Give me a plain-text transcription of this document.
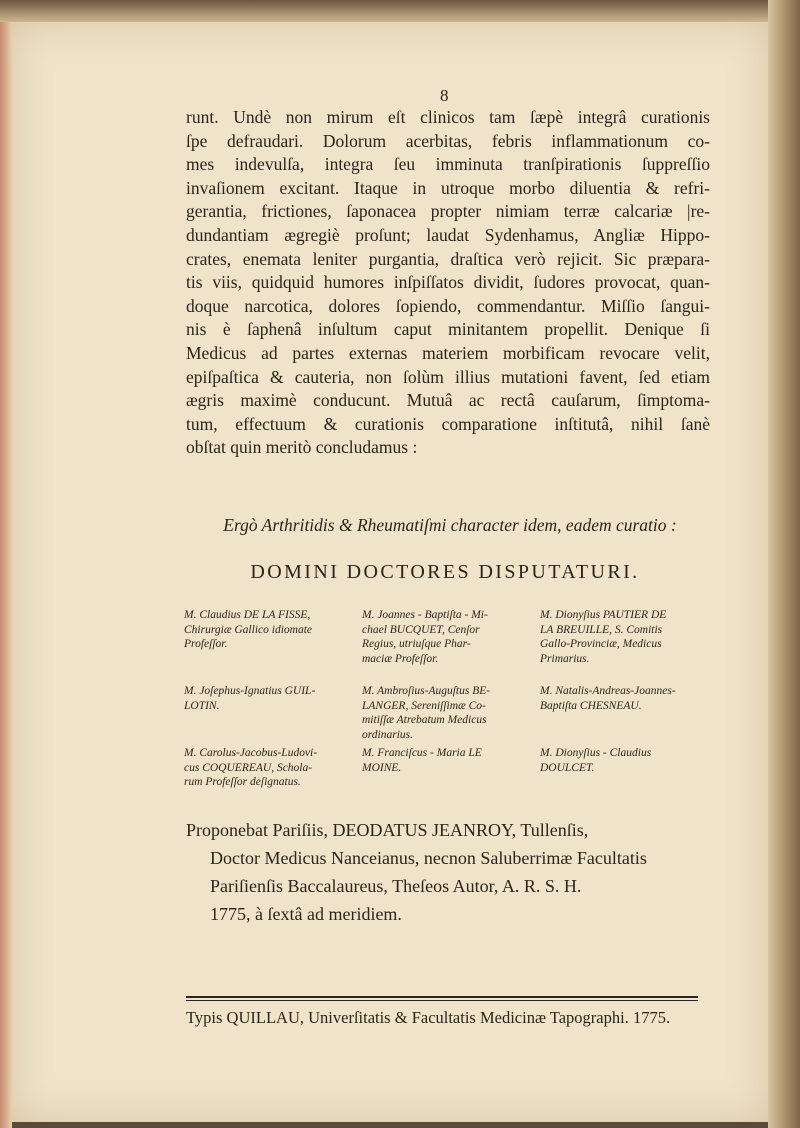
8
runt. Undè non mirum eſt clinicos tam ſæpè integrâ curationis
ſpe defraudari. Dolorum acerbitas, febris inflammationum co-
mes indevulſa, integra ſeu imminuta tranſpirationis ſuppreſſio
invaſionem excitant. Itaque in utroque morbo diluentia & refri-
gerantia, frictiones, ſaponacea propter nimiam terræ calcariæ |re-
dundantiam ægregiè proſunt; laudat Sydenhamus, Angliæ Hippo-
crates, enemata leniter purgantia, draſtica verò rejicit. Sic præpara-
tis viis, quidquid humores inſpiſſatos dividit, ſudores provocat, quan-
doque narcotica, dolores ſopiendo, commendantur. Miſſio ſangui-
nis è ſaphenâ inſultum caput minitantem propellit. Denique ſi
Medicus ad partes externas materiem morbificam revocare velit,
epiſpaſtica & cauteria, non ſolùm illius mutationi favent, ſed etiam
ægris maximè conducunt. Mutuâ ac rectâ cauſarum, ſimptoma-
tum, effectuum & curationis comparatione inſtitutâ, nihil ſanè
obſtat quin meritò concludamus :
Ergò Arthritidis & Rheumatiſmi character idem, eadem curatio :
DOMINI DOCTORES DISPUTATURI.
M. Claudius DE LA FISSE,
Chirurgiæ Gallico idiomate
Profeſſor.
M. Joannes - Baptiſta - Mi-
chael BUCQUET, Cenſor
Regius, utriuſque Phar-
maciæ Profeſſor.
M. Dionyſius PAUTIER DE
LA BREUILLE, S. Comitis
Gallo-Provinciæ, Medicus
Primarius.
M. Joſephus-Ignatius GUIL-
LOTIN.
M. Ambroſius-Auguſtus BE-
LANGER, Sereniſſimæ Co-
mitiſſæ Atrebatum Medicus
ordinarius.
M. Natalis-Andreas-Joannes-
Baptiſta CHESNEAU.
M. Carolus-Jacobus-Ludovi-
cus COQUEREAU, Schola-
rum Profeſſor deſignatus.
M. Franciſcus - Maria LE
MOINE.
M. Dionyſius - Claudius
DOULCET.
Proponebat Pariſiis, DEODATUS JEANROY, Tullenſis,
Doctor Medicus Nanceianus, necnon Saluberrimæ Facultatis
Pariſienſis Baccalaureus, Theſeos Autor, A. R. S. H.
1775, à ſextâ ad meridiem.
Typis QUILLAU, Univerſitatis & Facultatis Medicinæ Tapographi. 1775.
